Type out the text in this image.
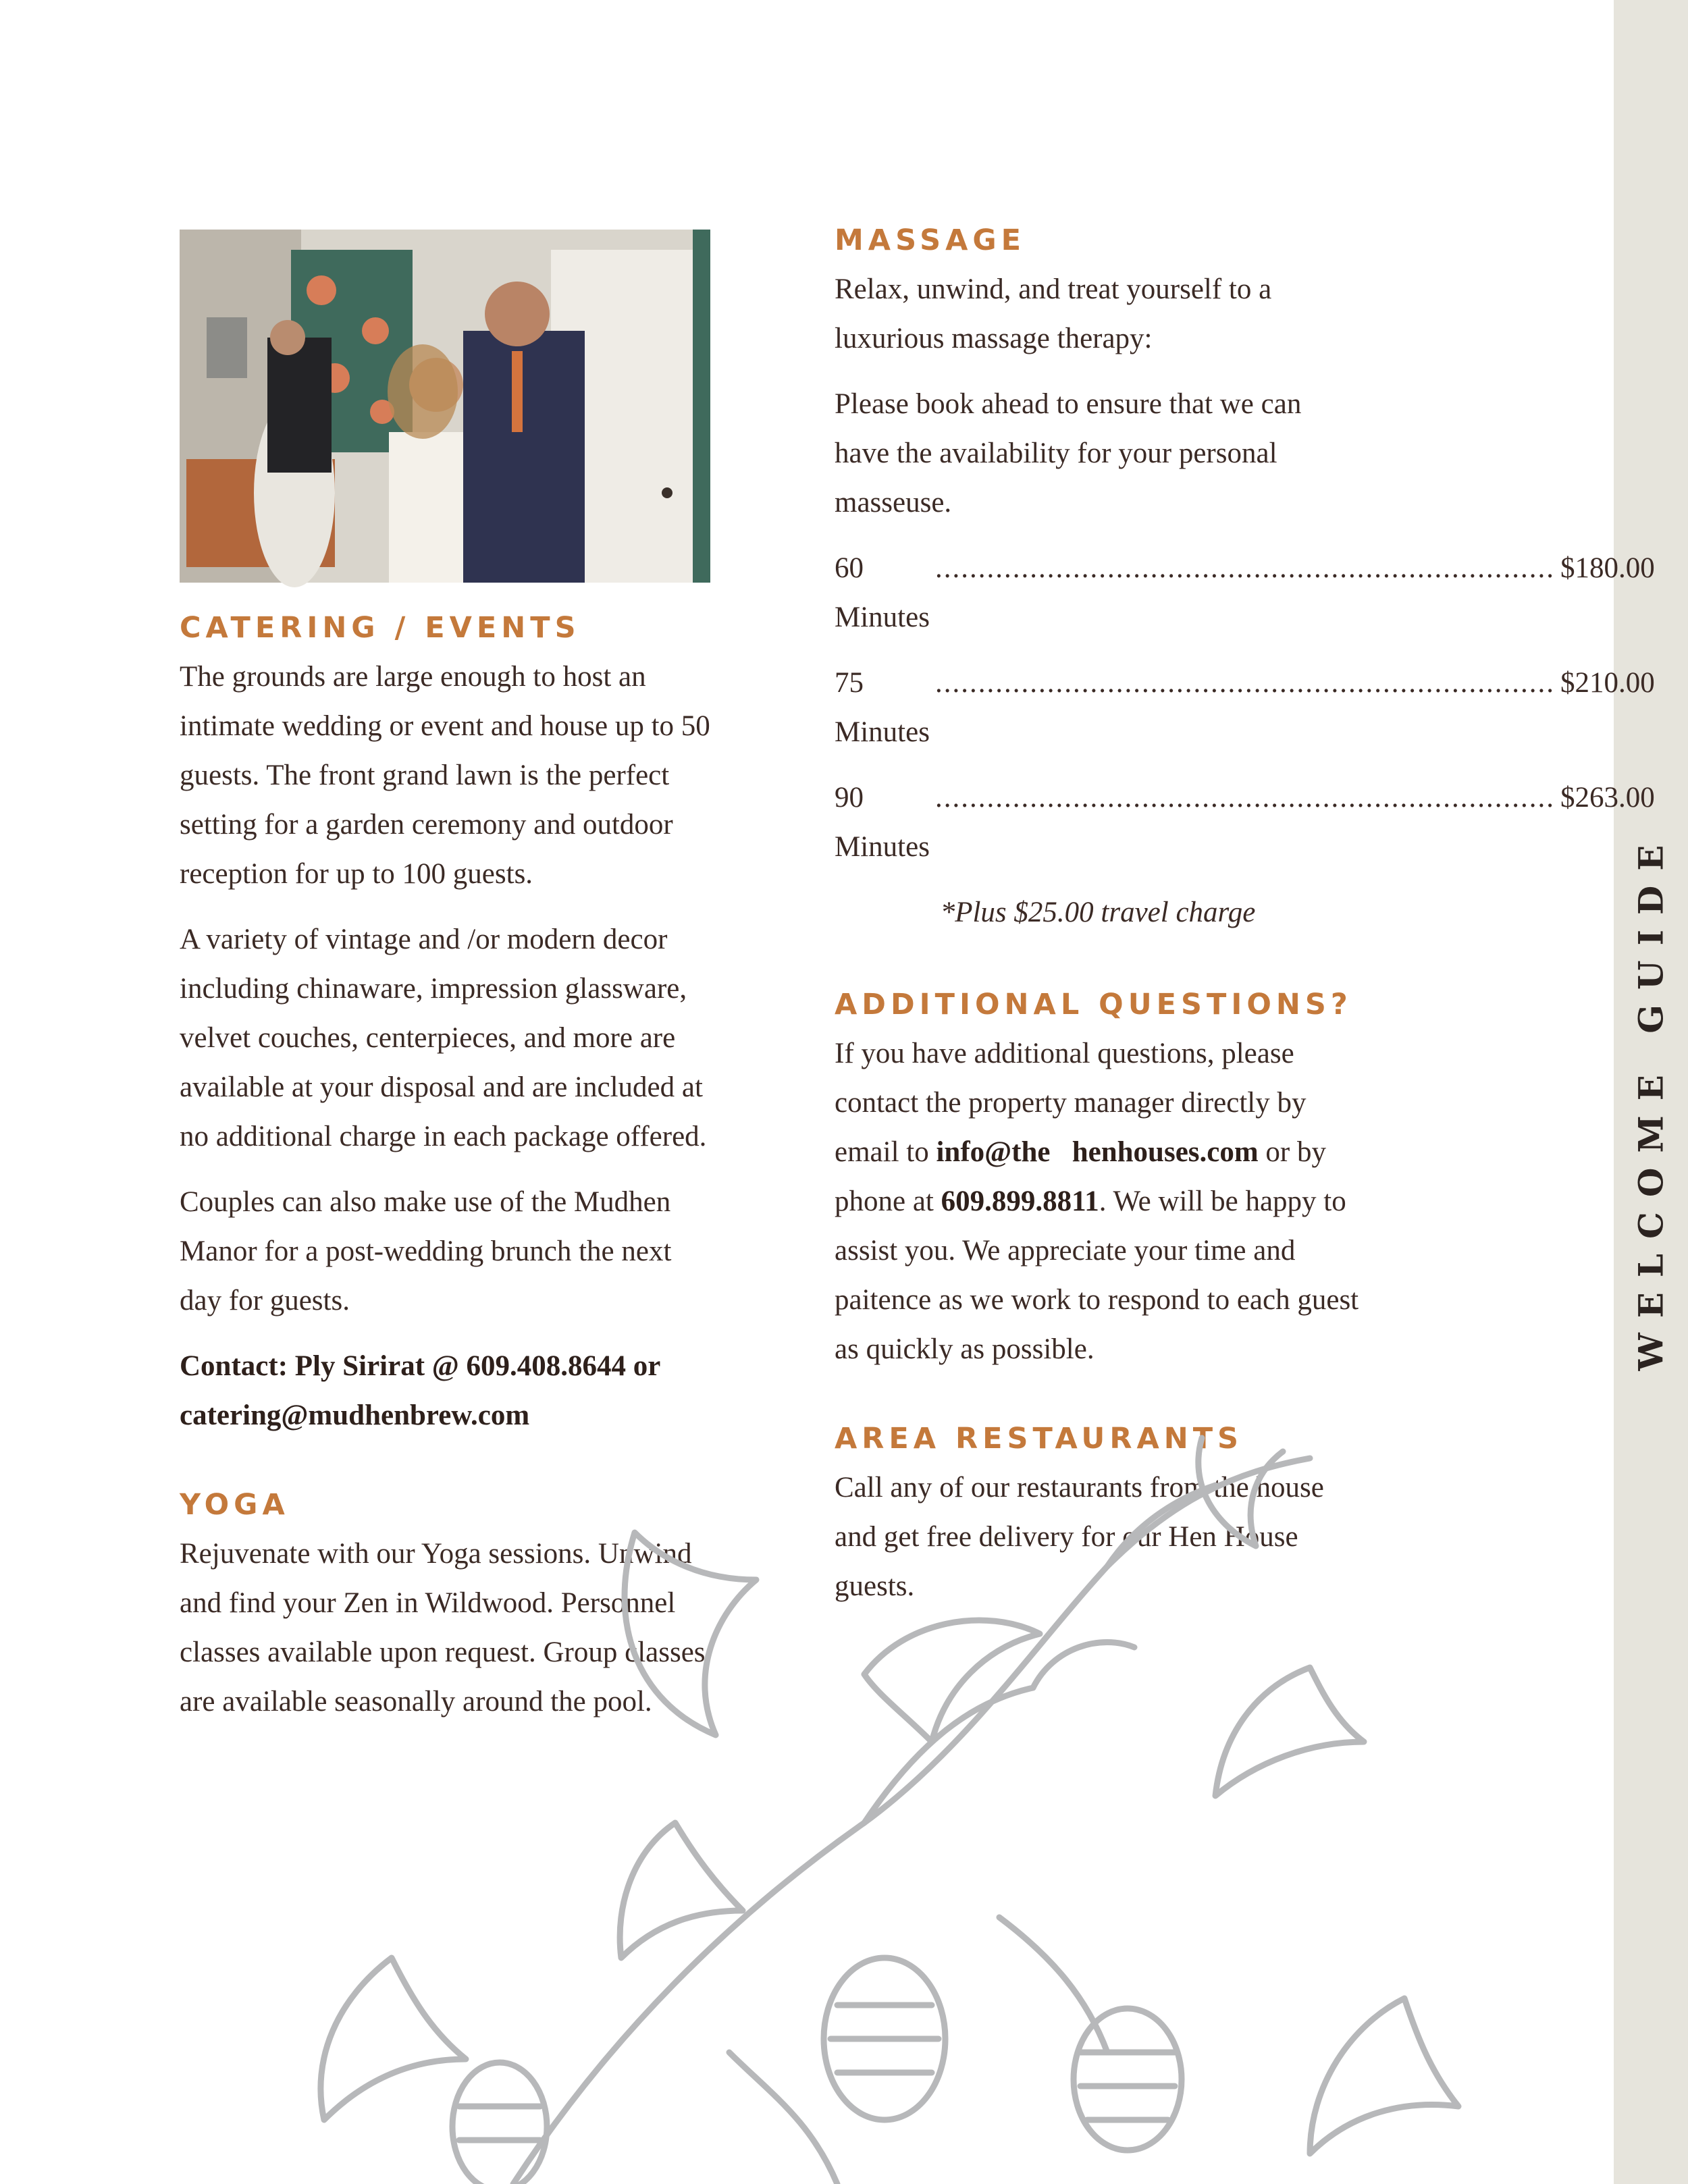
WELCOME GUIDE
CATERING / EVENTS

The grounds are large enough to host an intimate wedding or event and house up to 50 guests. The front grand lawn is the perfect setting for a garden ceremony and outdoor reception for up to 100 guests.

A variety of vintage and /or modern decor including chinaware, impression glassware, velvet couches, centerpieces, and more are available at your disposal and are included at no additional charge in each package offered.

Couples can also make use of the Mudhen Manor for a post-wedding brunch the next day for guests.

Contact: Ply Sirirat @ 609.408.8644 or catering@mudhenbrew.com

YOGA

Rejuvenate with our Yoga sessions. Unwind and find your Zen in Wildwood. Personnel classes available upon request. Group classes are available seasonally around the pool.

MASSAGE

Relax, unwind, and treat yourself to a luxurious massage therapy:

Please book ahead to ensure that we can have the availability for your personal masseuse.

60 Minutes
........................................................................ $180.00
75 Minutes
........................................................................ $210.00
90 Minutes
........................................................................ $263.00

*Plus $25.00 travel charge

ADDITIONAL QUESTIONS?

If you have additional questions, please contact the property manager directly by email to info@the   henhouses.com or by phone at 609.899.8811. We will be happy to assist you. We appreciate your time and paitence as we work to respond to each guest as quickly as possible.

AREA RESTAURANTS

Call any of our restaurants from the house and get free delivery for our Hen House guests.
